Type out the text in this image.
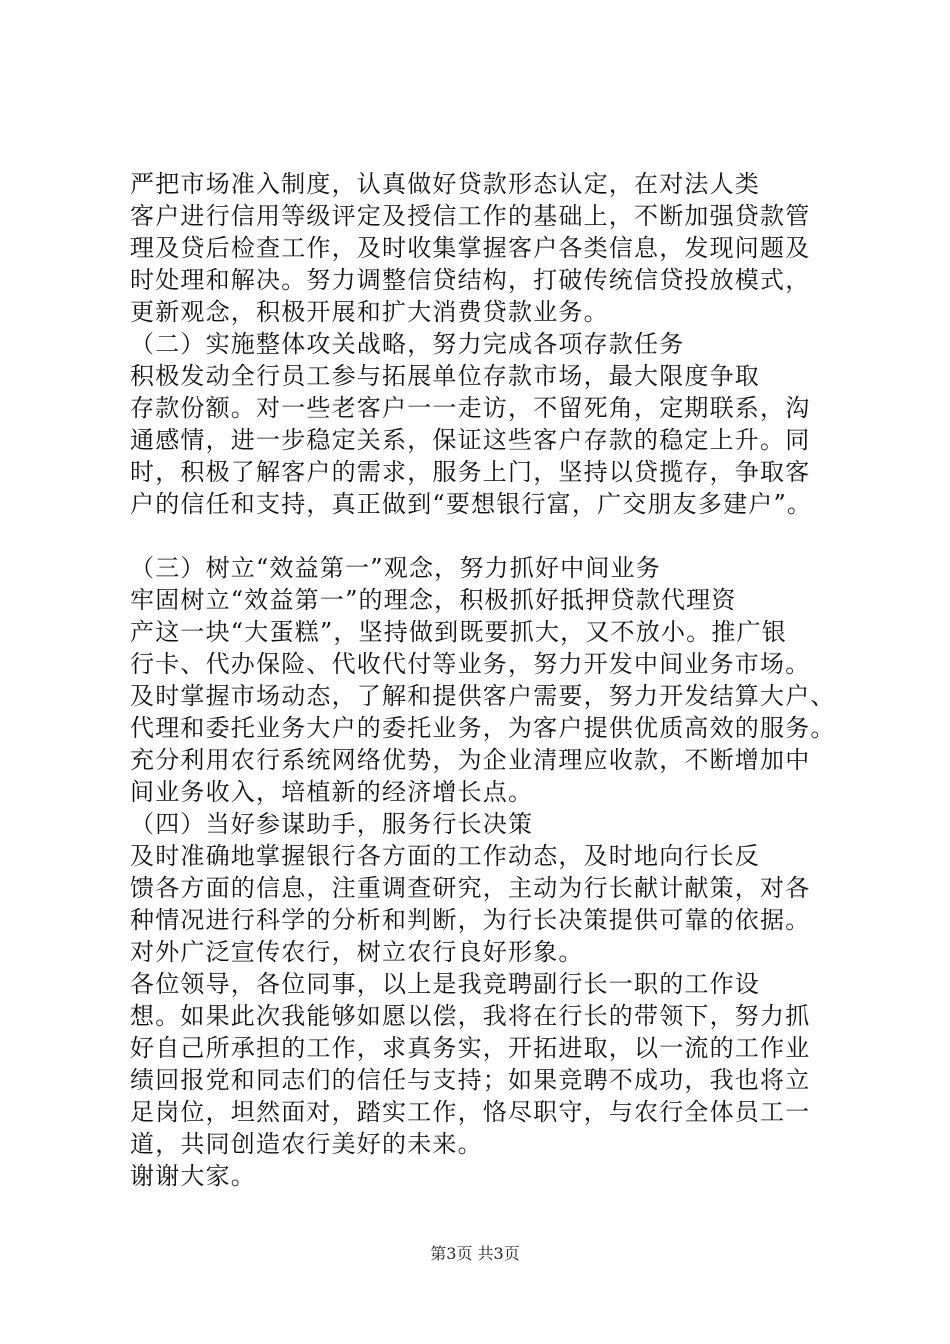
严把市场准入制度，认真做好贷款形态认定，在对法人类
客户进行信用等级评定及授信工作的基础上，不断加强贷款管
理及贷后检查工作，及时收集掌握客户各类信息，发现问题及
时处理和解决。努力调整信贷结构，打破传统信贷投放模式，
更新观念，积极开展和扩大消费贷款业务。
（二）实施整体攻关战略，努力完成各项存款任务
积极发动全行员工参与拓展单位存款市场，最大限度争取
存款份额。对一些老客户一一走访，不留死角，定期联系，沟
通感情，进一步稳定关系，保证这些客户存款的稳定上升。同
时，积极了解客户的需求，服务上门，坚持以贷揽存，争取客
户的信任和支持，真正做到“要想银行富，广交朋友多建户”。
（三）树立“效益第一”观念，努力抓好中间业务
牢固树立“效益第一”的理念，积极抓好抵押贷款代理资
产这一块“大蛋糕”，坚持做到既要抓大，又不放小。推广银
行卡、代办保险、代收代付等业务，努力开发中间业务市场。
及时掌握市场动态，了解和提供客户需要，努力开发结算大户、
代理和委托业务大户的委托业务，为客户提供优质高效的服务。
充分利用农行系统网络优势，为企业清理应收款，不断增加中
间业务收入，培植新的经济增长点。
（四）当好参谋助手，服务行长决策
及时准确地掌握银行各方面的工作动态，及时地向行长反
馈各方面的信息，注重调查研究，主动为行长献计献策，对各
种情况进行科学的分析和判断，为行长决策提供可靠的依据。
对外广泛宣传农行，树立农行良好形象。
各位领导，各位同事，以上是我竞聘副行长一职的工作设
想。如果此次我能够如愿以偿，我将在行长的带领下，努力抓
好自己所承担的工作，求真务实，开拓进取，以一流的工作业
绩回报党和同志们的信任与支持；如果竞聘不成功，我也将立
足岗位，坦然面对，踏实工作，恪尽职守，与农行全体员工一
道，共同创造农行美好的未来。
谢谢大家。
第3页 共3页
